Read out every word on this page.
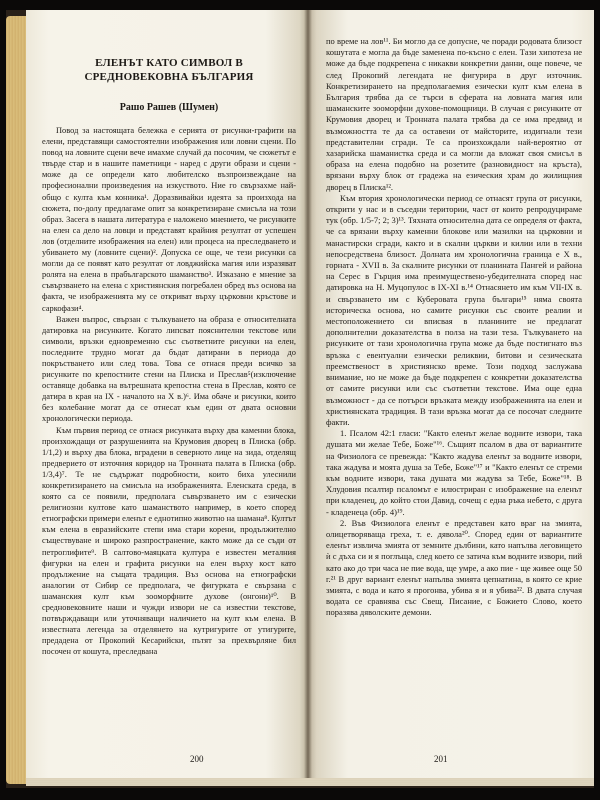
ЕЛЕНЪТ КАТО СИМВОЛ В
СРЕДНОВЕКОВНА БЪЛГАРИЯ
Рашо Рашев (Шумен)

Повод за настоящата бележка е серията от рисунки-графити на елени, представящи самостоятелни изображения или ловни сцени. По повод на ловните сцени вече имахме случай да посочим, че сюжетът е твърде стар и в нашите паметници - наред с други образи и сцени - може да се определи като любителско възпроизвеждане на професионални произведения на изкуството. Ние го свързахме най-общо с култа към конника¹. Доразвивайки идеята за произхода на сюжета, по-долу предлагаме опит за конкретизиране смисъла на този образ. Засега в нашата литература е наложено мнението, че рисунките на елен са дело на ловци и представят крайния резултат от успешен лов (отделните изображения на елен) или процеса на преследването и убиването му (ловните сцени)². Допуска се още, че тези рисунки са могли да се появят като резултат от ловджийска магия или изразяват ролята на елена в прабългарското шаманство³. Изказано е мнение за съвързването на елена с християнския погребален обред въз основа на факта, че изображенията му се откриват върху църковни кръстове и саркофази⁴.

Важен въпрос, свързан с тълкуването на образа е относителната датировка на рисунките. Когато липсват пояснителни текстове или символи, връзки едновременно със съответните рисунки на елен, последните трудно могат да бъдат датирани в периода до покръстването или след това. Това се отнася преди всичко за рисунките по крепостните стени на Плиска и Преслав⁵(изключение оставяще добавка на вътрешната крепостна стена в Преслав, която се датира в края на IX - началото на X в.)⁶. Има обаче и рисунки, които без колебание могат да се отнесат към един от двата основни хронологически периода.

Към първия период се отнася рисунката върху два каменни блока, произхождащи от разрушенията на Крумовия дворец в Плиска (обр. 1/1,2) и върху два блока, вградени в северното лице на зида, отделящ предверието от източния коридор на Тронната палата в Плиска (обр. 1/3,4)⁷. Те не съдържат подробности, които биха улеснили конкретизирането на смисъла на изображенията. Еленската среда, в която са се появили, предполага съвързването им с езически религиозни култове като шаманството например, в което според етнографски примери еленът е еднотипно животно на шамана⁸. Култът към елена в евразийските степи има стари корени, продължително съществуване и широко разпространение, както може да се съди от петроглифите⁹. В салтово-маяцката култура е известен металния фигурки на елен и графита рисунки на елен върху кост като продължение на същата традиция. Въз основа на етнографски аналогии от Сибир се предполага, че фигурката е свързана с шаманския култ към зооморфните духове (онгони)¹⁰. В средновековните наши и чужди извори не са известни текстове, потвърждаващи или уточняващи наличието на култ към елена. В известната легенда за отделянето на кутригурите от утигурите, предадена от Прокопий Кесарийски, пътят за прехвърляне бил посочен от кошута, преследвана

200

по време на лов¹¹. Би могло да се допусне, че поради родовата близост кошутата е могла да бъде заменена по-късно с елен. Тази хипотеза не може да бъде подкрепена с никакви конкретни данни, още повече, че след Прокопий легендата не фигурира в друг източник. Конкретизирането на предполагаемия езически култ към елена в България трябва да се търси в сферата на ловната магия или шаманските зооморфни духове-помощници. В случая с рисунките от Крумовия дворец и Тронната палата трябва да се има предвид и възможността те да са оставени от майсторите, издигнали тези представителни сгради. Те са произхождали най-вероятно от хазарийска шаманистка среда и са могли да вложат своя смисъл в образа на елена подобно на розетите (разновидност на кръста), врязани върху блок от градежа на езическия храм до жилищния дворец в Плиска¹².

Към втория хронологически период се отнасят група от рисунки, открити у нас и в съседни територии, част от които репродуцираме тук (обр. 1/5-7; 2; 3)¹³. Тяхната относителна дата се определя от факта, че са врязани върху каменни блокове или мазилки на църковни и манастирски сгради, както и в скални църкви и килии или в техни непосредствена близост. Долната им хронологична граница е X в., горната - XVII в. За скалните рисунки от планината Пангей и района на Серес в Гърция има преимуществено-убедителната според нас датировка на Н. Муцопулос в IX-XI в.¹⁴ Отнасянето им към VII-IX в. и свързването им с Куберовата група българи¹⁵ няма своята историческа основа, но самите рисунки със своите реалии и местоположението си вписвая в планините не предлагат дополнителни доказателства в полза на тази теза. Тълкуването на рисунките от тази хронологична група може да бъде постигнато въз връзка с евентуални езически реликвии, битови и сезическата преемственост в християнско време. Този подход заслужава внимание, но не може да бъде подкрепен с конкретни доказателства от самите рисунки или със съответни текстове. Има още една възможност - да се потърси връзката между изображенията на елен и християнската традиция. В тази връзка могат да се посочат следните факти.

1. Псалом 42:1 гласи: "Както еленът желае водните извори, така душата ми желае Тебе, Боже"¹⁶. Същият псалом в два от вариантите на Физиолога се превежда: "Както жадува еленът за водните извори, така жадува и моята душа за Тебе, Боже"¹⁷ и "Както еленът се стреми към водните извори, така душата ми жадува за Тебе, Боже"¹⁸. В Хлудовия псалтир псаломът е илюстриран с изображение на еленът при кладенец, до който стои Давид, сочещ с една ръка небето, с друга - кладенеца (обр. 4)¹⁹.

2. Във Физиолога еленът е представен като враг на змията, олицетворяваща греха, т. е. дявола²⁰. Според един от вариантите еленът извлича змията от земните дълбини, като напълва леговището ѝ с дъха си и я поглъща, след което се затича към водните извори, пий като ако до три часа не пие вода, ще умре, а ако пие - ще живее още 50 г.²¹ В друг вариант еленът напълва змията цепнатина, в която се крие змията, с вода и като я прогонва, убива я и я убива²². В двата случая водата се сравнява със Свещ. Писание, с Божието Слово, което поразява дяволските демони.

201
